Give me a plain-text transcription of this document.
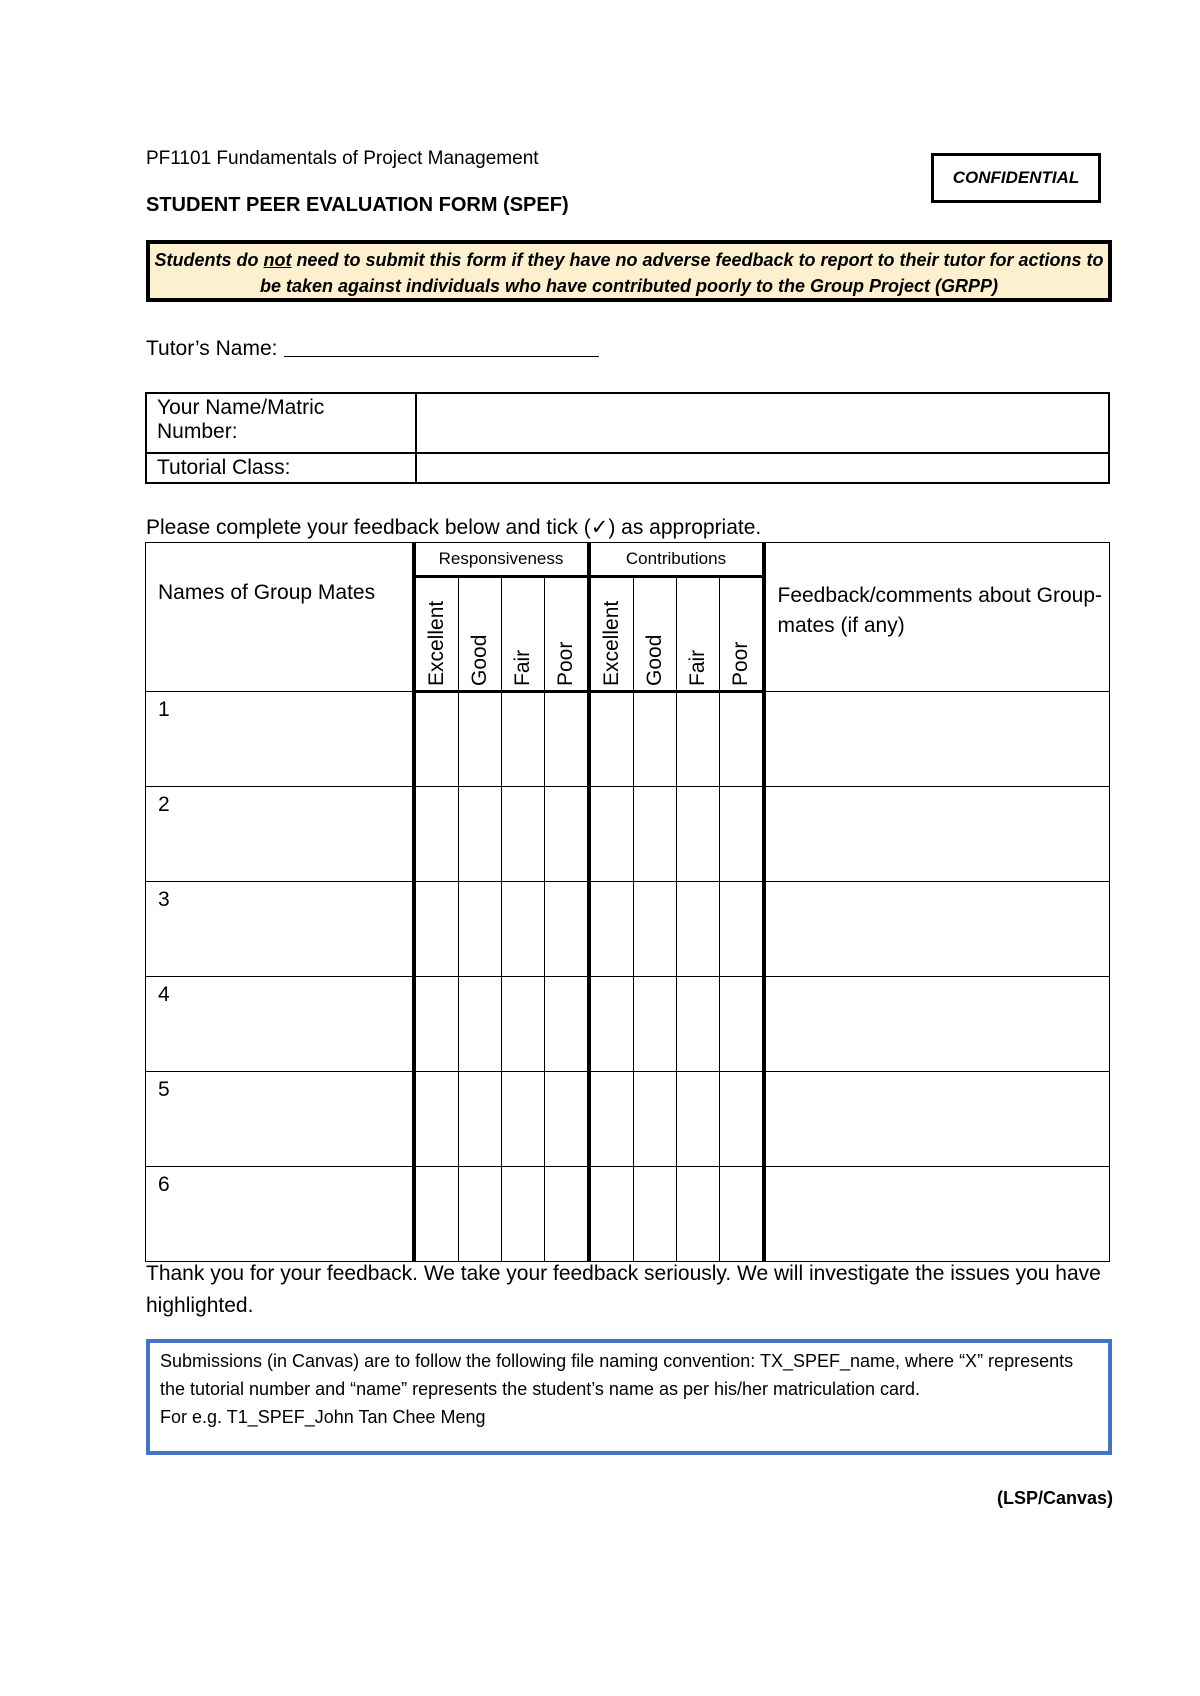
PF1101 Fundamentals of Project Management
STUDENT PEER EVALUATION FORM (SPEF)
CONFIDENTIAL
Students do not need to submit this form if they have no adverse feedback to report to their tutor for actions to be taken against individuals who have contributed poorly to the Group Project (GRPP)
Tutor’s Name:
Your Name/Matric Number:	
Tutorial Class:	
Please complete your feedback below and tick (✓) as appropriate.
Names of Group Mates	Responsiveness				Contributions				Feedback/comments about Group-mates (if any)

	Excellent	Good	Fair	Poor	Excellent	Good	Fair	Poor	

1									
2									
3									
4									
5									
6									
Thank you for your feedback. We take your feedback seriously. We will investigate the issues you have highlighted.
Submissions (in Canvas) are to follow the following file naming convention: TX_SPEF_name, where “X” represents the tutorial number and “name” represents the student’s name as per his/her matriculation card.
For e.g. T1_SPEF_John Tan Chee Meng
(LSP/Canvas)
